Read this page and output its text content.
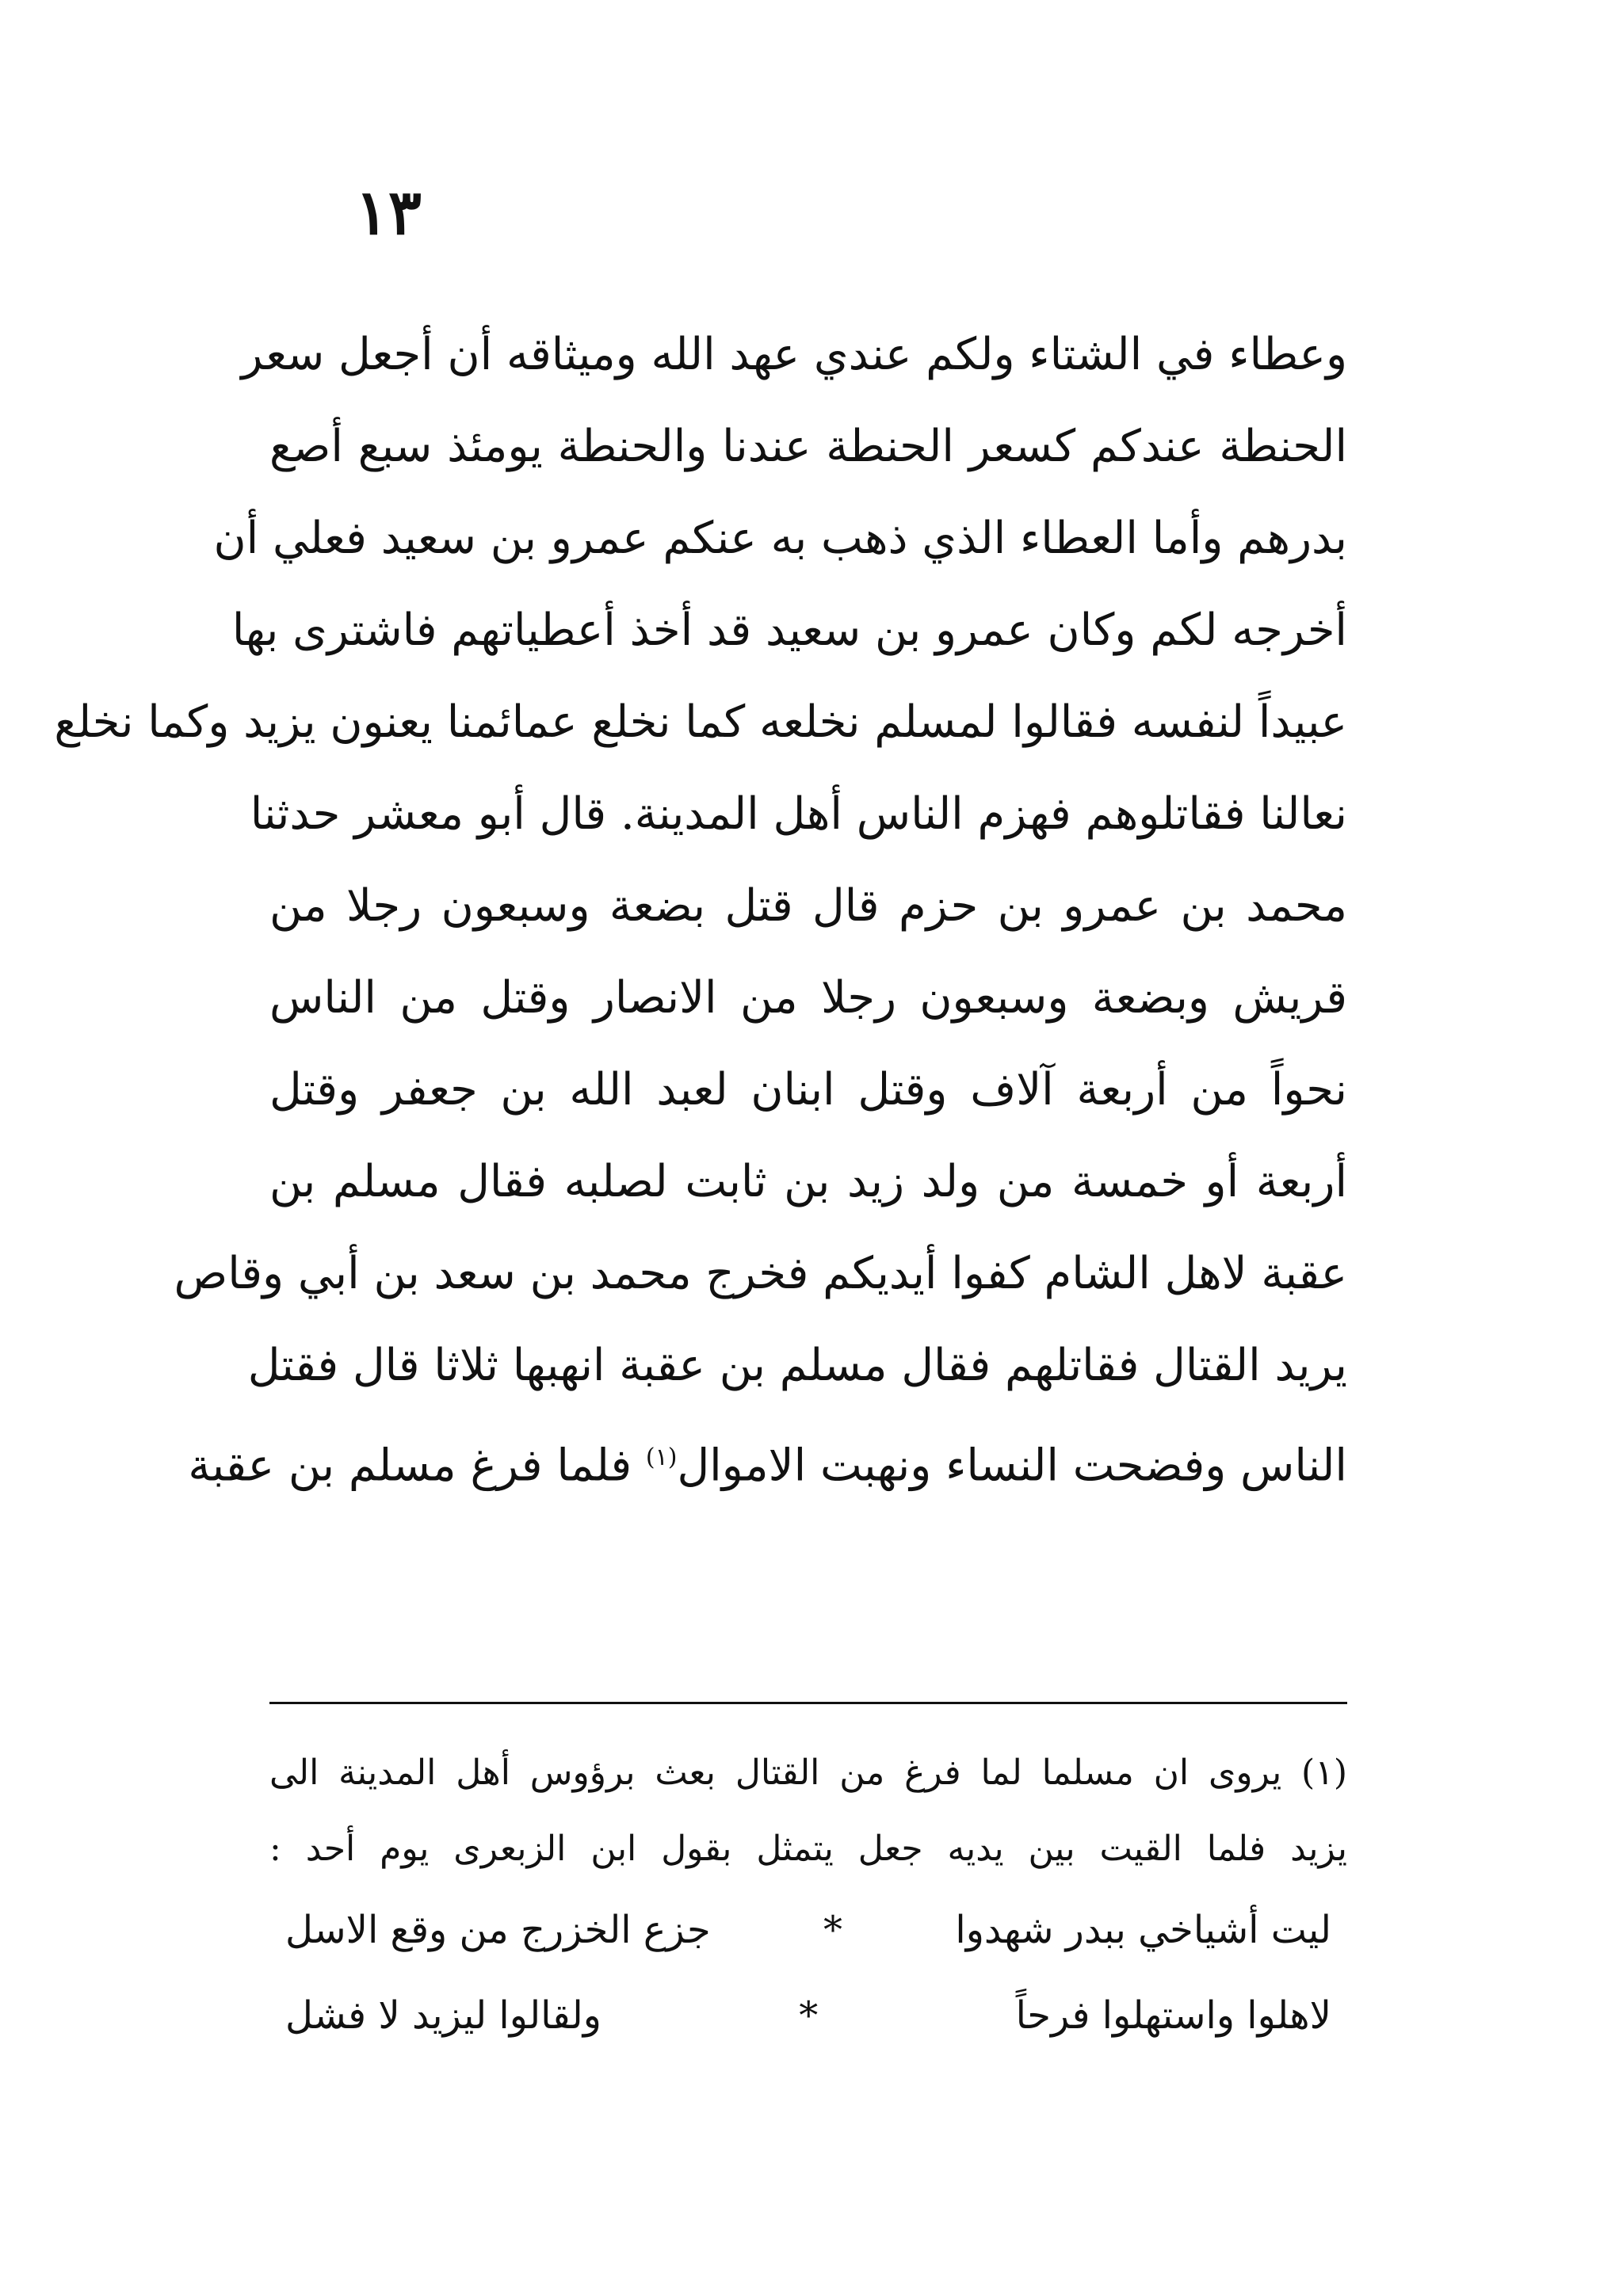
١٣
وعطاء في الشتاء ولكم عندي عهد الله وميثاقه أن أجعل سعر
الحنطة عندكم كسعر الحنطة عندنا والحنطة يومئذ سبع أصع
بدرهم وأما العطاء الذي ذهب به عنكم عمرو بن سعيد فعلي أن
أخرجه لكم وكان عمرو بن سعيد قد أخذ أعطياتهم فاشترى بها
عبيداً لنفسه فقالوا لمسلم نخلعه كما نخلع عمائمنا يعنون يزيد وكما نخلع
نعالنا فقاتلوهم فهزم الناس أهل المدينة. قال أبو معشر حدثنا
محمد بن عمرو بن حزم قال قتل بضعة وسبعون رجلا من
قريش وبضعة وسبعون رجلا من الانصار وقتل من الناس
نحواً من أربعة آلاف وقتل ابنان لعبد الله بن جعفر وقتل
أربعة أو خمسة من ولد زيد بن ثابت لصلبه فقال مسلم بن
عقبة لاهل الشام كفوا أيديكم فخرج محمد بن سعد بن أبي وقاص
يريد القتال فقاتلهم فقال مسلم بن عقبة انهبها ثلاثا قال فقتل
الناس وفضحت النساء ونهبت الاموال$^{(١)}$ فلما فرغ مسلم بن عقبة
(١) يروى ان مسلما لما فرغ من القتال بعث برؤوس أهل المدينة الى
يزيد فلما القيت بين يديه جعل يتمثل بقول ابن الزبعرى يوم أحد :
ليت أشياخي ببدر شهدوا
*
جزع الخزرج من وقع الاسل
لاهلوا واستهلوا فرحاً
*
ولقالوا ليزيد لا فشل
